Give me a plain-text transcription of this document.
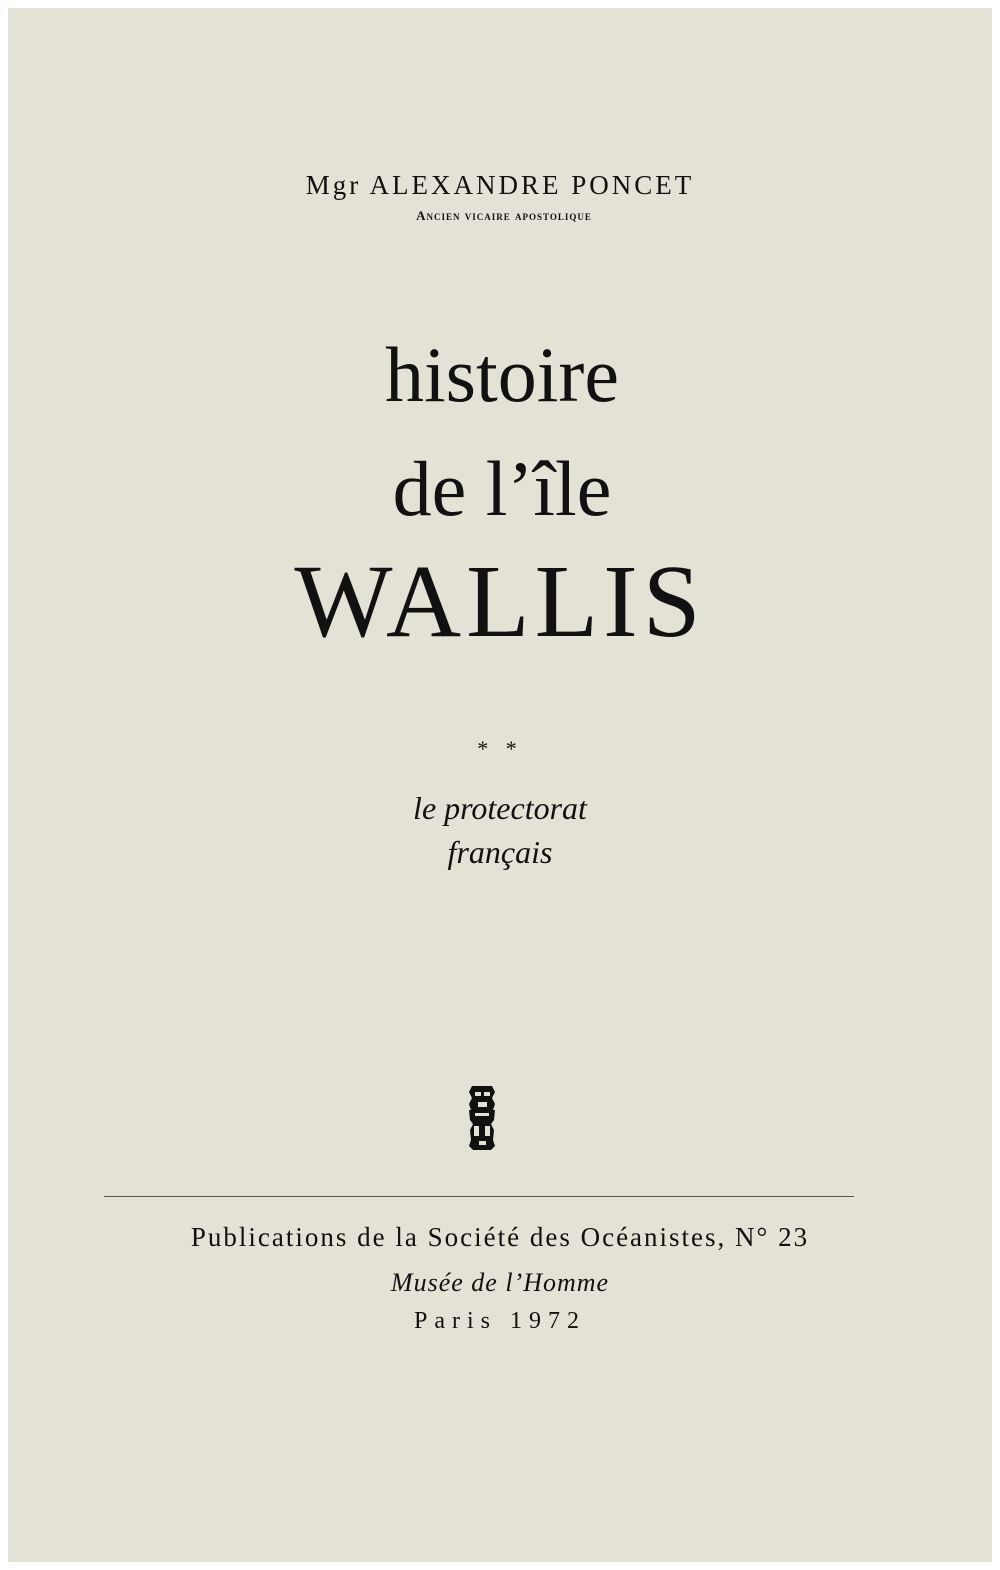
Mgr ALEXANDRE PONCET
Ancien vicaire apostolique
histoire
de l’île
WALLIS
* *
le protectorat
français
Publications de la Société des Océanistes, N° 23
Musée de l’Homme
Paris 1972
